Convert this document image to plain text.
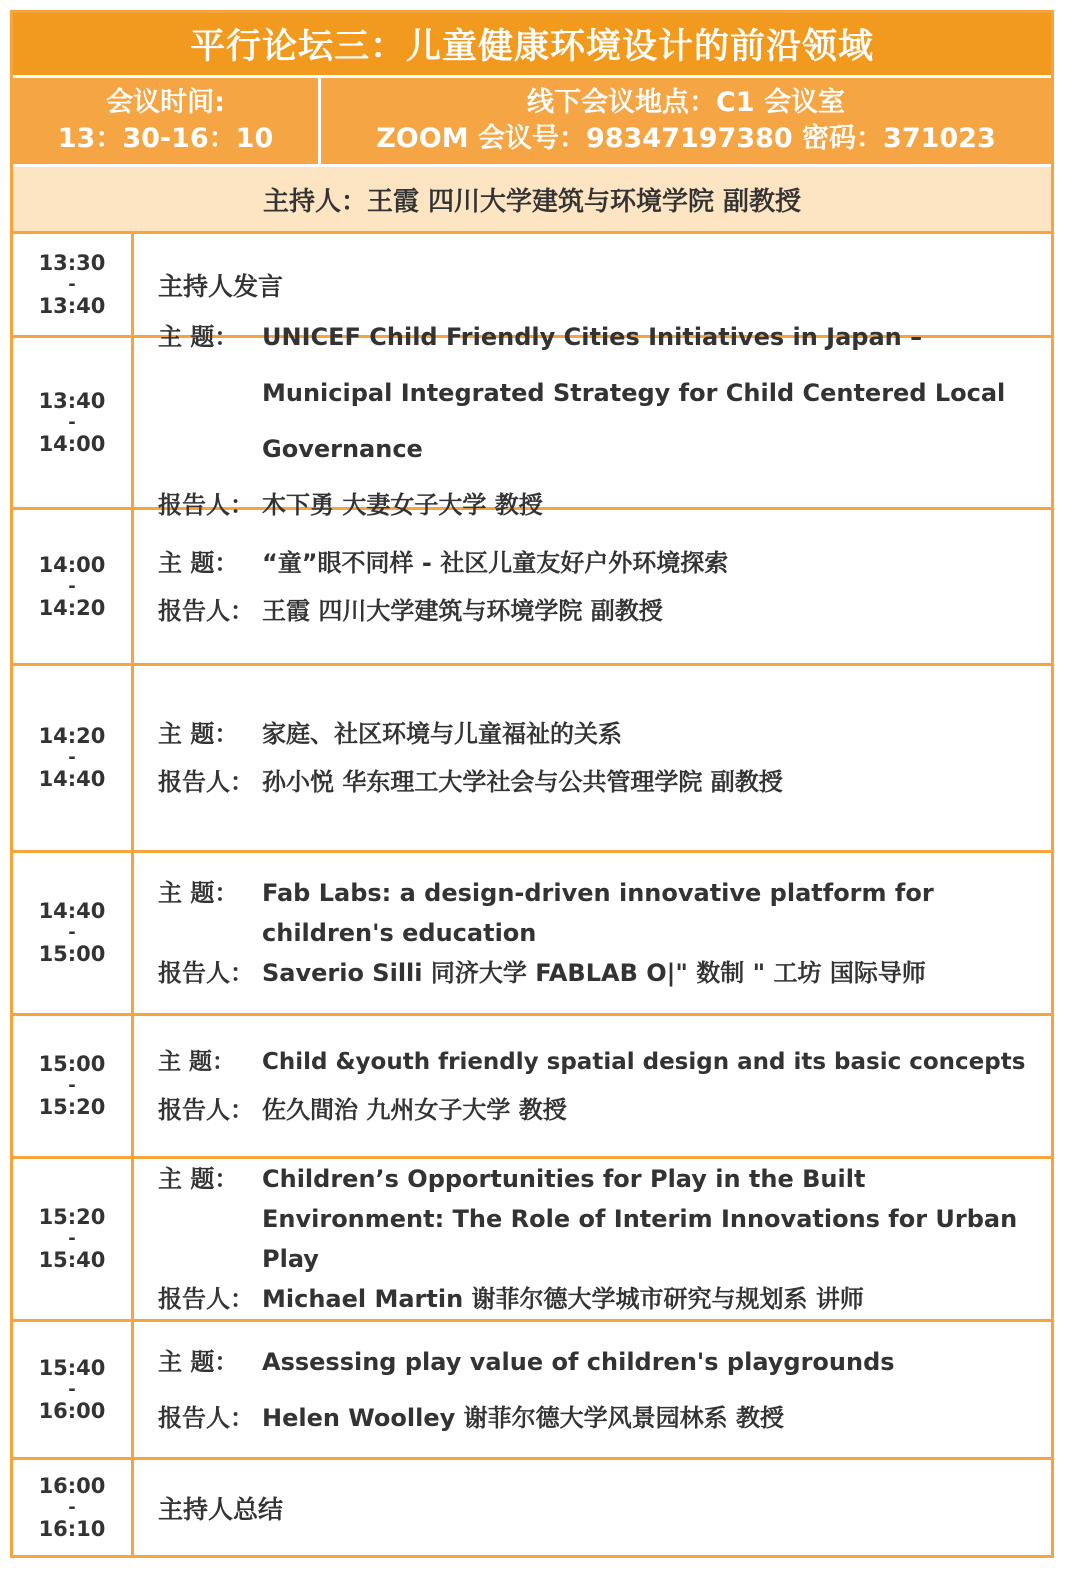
平行论坛三：儿童健康环境设计的前沿领域
会议时间:
13：30-16：10
线下会议地点：C1 会议室
ZOOM 会议号：98347197380 密码：371023
主持人：王霞 四川大学建筑与环境学院 副教授
13:30
-
13:40
主持人发言
13:40
-
14:00
主 题： UNICEF Child Friendly Cities Initiatives in Japan –Municipal Integrated Strategy for Child Centered Local Governance
报告人： 木下勇 大妻女子大学 教授
14:00
-
14:20
主 题： “童”眼不同样 - 社区儿童友好户外环境探索
报告人： 王霞 四川大学建筑与环境学院 副教授
14:20
-
14:40
主 题： 家庭、社区环境与儿童福祉的关系
报告人： 孙小悦 华东理工大学社会与公共管理学院 副教授
14:40
-
15:00
主 题： Fab Labs: a design-driven innovative platform for children's education
报告人： Saverio Silli 同济大学 FABLAB O|" 数制 " 工坊 国际导师
15:00
-
15:20
主 题：	Child &youth friendly spatial design and its basic concepts
报告人： 佐久間治 九州女子大学 教授
15:20
-
15:40
主 题： Children’s Opportunities for Play in the Built Environment: The Role of Interim Innovations for Urban Play
报告人： Michael Martin 谢菲尔德大学城市研究与规划系 讲师
15:40
-
16:00
主 题： Assessing play value of children's playgrounds
报告人： Helen Woolley 谢菲尔德大学风景园林系 教授
16:00
-
16:10
主持人总结
